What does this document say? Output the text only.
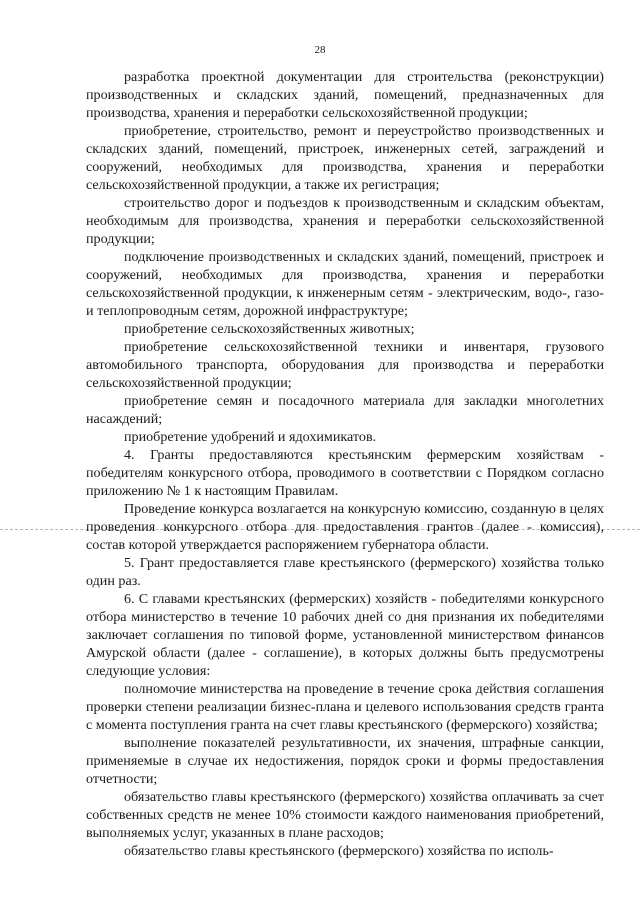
28

разработка проектной документации для строительства (реконструкции) производственных и складских зданий, помещений, предназначенных для производства, хранения и переработки сельскохозяйственной продукции;

приобретение, строительство, ремонт и переустройство производственных и складских зданий, помещений, пристроек, инженерных сетей, заграждений и сооружений, необходимых для производства, хранения и переработки сельскохозяйственной продукции, а также их регистрация;

строительство дорог и подъездов к производственным и складским объектам, необходимым для производства, хранения и переработки сельскохозяйственной продукции;

подключение производственных и складских зданий, помещений, пристроек и сооружений, необходимых для производства, хранения и переработки сельскохозяйственной продукции, к инженерным сетям - электрическим, водо-, газо- и теплопроводным сетям, дорожной инфраструктуре;

приобретение сельскохозяйственных животных;

приобретение сельскохозяйственной техники и инвентаря, грузового автомобильного транспорта, оборудования для производства и переработки сельскохозяйственной продукции;

приобретение семян и посадочного материала для закладки многолетних насаждений;

приобретение удобрений и ядохимикатов.

4. Гранты предоставляются крестьянским фермерским хозяйствам - победителям конкурсного отбора, проводимого в соответствии с Порядком согласно приложению № 1 к настоящим Правилам.

Проведение конкурса возлагается на конкурсную комиссию, созданную в целях проведения конкурсного отбора для предоставления грантов (далее - комиссия), состав которой утверждается распоряжением губернатора области.

5. Грант предоставляется главе крестьянского (фермерского) хозяйства только один раз.

6. С главами крестьянских (фермерских) хозяйств - победителями конкурсного отбора министерство в течение 10 рабочих дней со дня признания их победителями заключает соглашения по типовой форме, установленной министерством финансов Амурской области (далее - соглашение), в которых должны быть предусмотрены следующие условия:

полномочие министерства на проведение в течение срока действия соглашения проверки степени реализации бизнес-плана и целевого использования средств гранта с момента поступления гранта на счет главы крестьянского (фермерского) хозяйства;

выполнение показателей результативности, их значения, штрафные санкции, применяемые в случае их недостижения, порядок сроки и формы предоставления отчетности;

обязательство главы крестьянского (фермерского) хозяйства оплачивать за счет собственных средств не менее 10% стоимости каждого наименования приобретений, выполняемых услуг, указанных в плане расходов;

обязательство главы крестьянского (фермерского) хозяйства по исполь-
